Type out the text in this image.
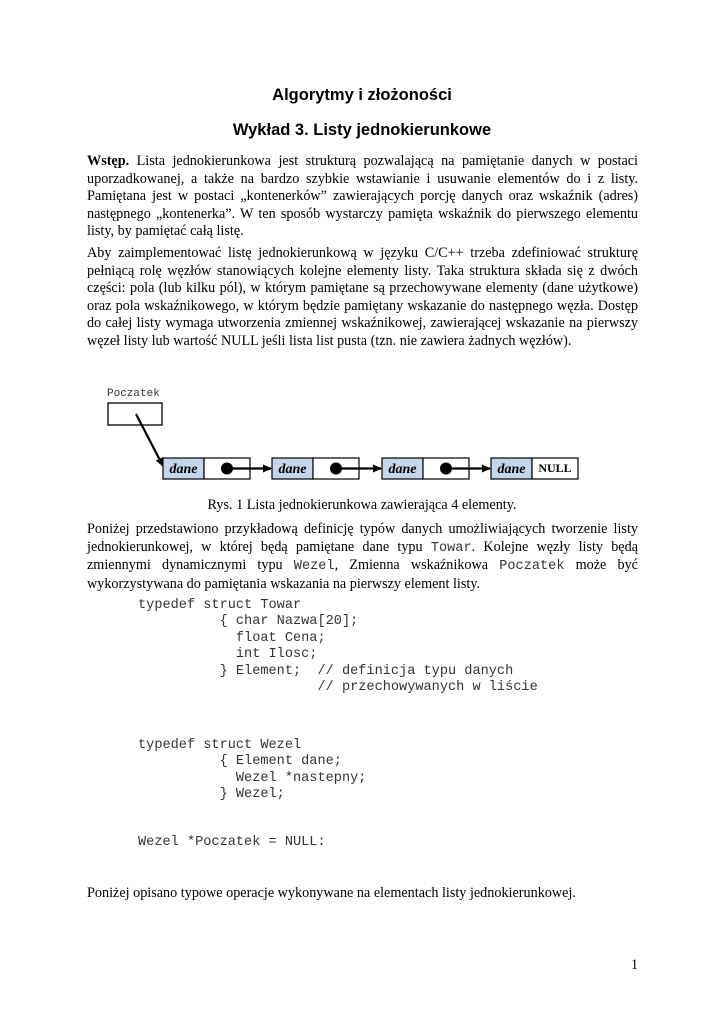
Algorytmy i złożoności
Wykład 3. Listy jednokierunkowe
Wstęp. Lista jednokierunkowa jest strukturą pozwalającą na pamiętanie danych w postaci uporzadkowanej, a także na bardzo szybkie wstawianie i usuwanie elementów do i z listy. Pamiętana jest w postaci „kontenerków” zawierających porcję danych oraz wskaźnik (adres) następnego „kontenerka”. W ten sposób wystarczy pamięta wskaźnik do pierwszego elementu listy, by pamiętać całą listę.
Aby zaimplementować listę jednokierunkową w języku C/C++ trzeba zdefiniować strukturę pełniącą rolę węzłów stanowiących kolejne elementy listy. Taka struktura składa się z dwóch części: pola (lub kilku pól), w którym pamiętane są przechowywane elementy (dane użytkowe) oraz pola wskaźnikowego, w którym będzie pamiętany wskazanie do następnego węzła. Dostęp do całej listy wymaga utworzenia zmiennej wskaźnikowej, zawierającej wskazanie na pierwszy węzeł listy lub wartość NULL jeśli lista list pusta (tzn. nie zawiera żadnych węzłów).
Poczatek
dane	dane	dane	dane NULL
Rys. 1 Lista jednokierunkowa zawierająca 4 elementy.
Poniżej przedstawiono przykładową definicję typów danych umożliwiających tworzenie listy jednokierunkowej, w której będą pamiętane dane typu Towar. Kolejne węzły listy będą zmiennymi dynamicznymi typu Wezel, Zmienna wskaźnikowa Poczatek może być wykorzystywana do pamiętania wskazania na pierwszy element listy.
typedef struct Towar
{ char Nazwa[20];
float Cena;
int Ilosc;
} Element;  // definicja typu danych
// przechowywanych w liście
typedef struct Wezel
{ Element dane;
Wezel *nastepny;
} Wezel;
Wezel *Poczatek = NULL:
Poniżej opisano typowe operacje wykonywane na elementach listy jednokierunkowej.
1
